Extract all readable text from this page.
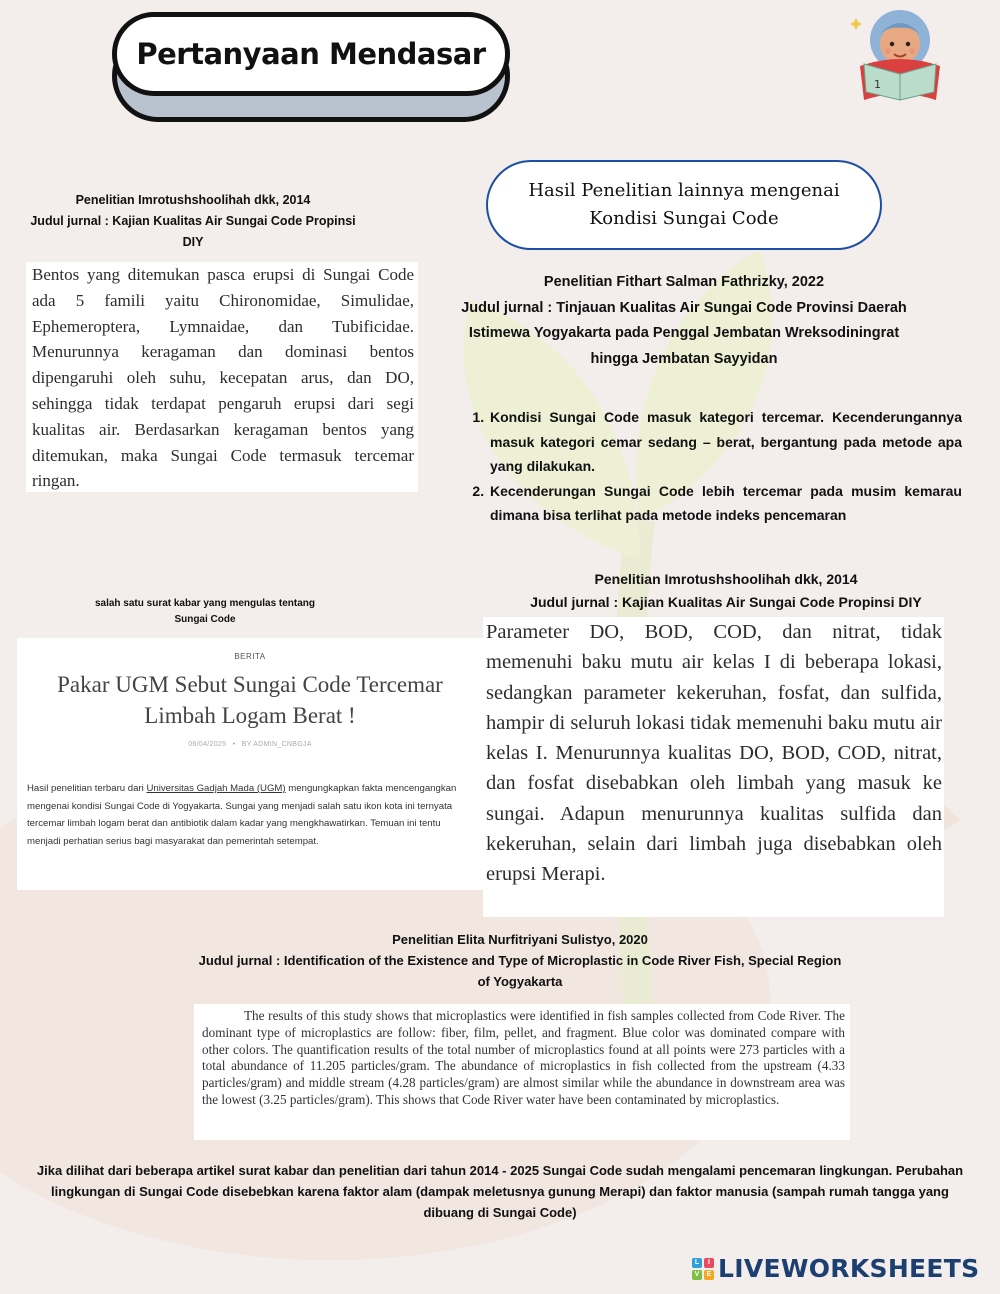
Pertanyaan Mendasar
1
Penelitian Imrotushshoolihah dkk, 2014
Judul jurnal : Kajian Kualitas Air Sungai Code Propinsi
DIY
Bentos yang ditemukan pasca erupsi di Sungai Code ada 5 famili yaitu Chironomidae, Simulidae, Ephemeroptera, Lymnaidae, dan Tubificidae. Menurunnya keragaman dan dominasi bentos dipengaruhi oleh suhu, kecepatan arus, dan DO, sehingga tidak terdapat pengaruh erupsi dari segi kualitas air. Berdasarkan keragaman bentos yang ditemukan, maka Sungai Code termasuk tercemar ringan.
Hasil Penelitian lainnya mengenai
Kondisi Sungai Code
Penelitian Fithart Salman Fathrizky, 2022
Judul jurnal : Tinjauan Kualitas Air Sungai Code Provinsi Daerah
Istimewa Yogyakarta pada Penggal Jembatan Wreksodiningrat
hingga Jembatan Sayyidan
1. Kondisi Sungai Code masuk kategori tercemar. Kecenderungannya masuk kategori cemar sedang – berat, bergantung pada metode apa yang dilakukan.
2. Kecenderungan Sungai Code lebih tercemar pada musim kemarau dimana bisa terlihat pada metode indeks pencemaran
Penelitian Imrotushshoolihah dkk, 2014
Judul jurnal : Kajian Kualitas Air Sungai Code Propinsi DIY
Parameter DO, BOD, COD, dan nitrat, tidak memenuhi baku mutu air kelas I di beberapa lokasi, sedangkan parameter kekeruhan, fosfat, dan sulfida, hampir di seluruh lokasi tidak memenuhi baku mutu air kelas I. Menurunnya kualitas DO, BOD, COD, nitrat, dan fosfat disebabkan oleh limbah yang masuk ke sungai. Adapun menurunnya kualitas sulfida dan kekeruhan, selain dari limbah juga disebabkan oleh erupsi Merapi.
salah satu surat kabar yang mengulas tentang
Sungai Code
BERITA
Pakar UGM Sebut Sungai Code Tercemar
Limbah Logam Berat !
06/04/2025 • BY ADMIN_CNBGJA
Hasil penelitian terbaru dari Universitas Gadjah Mada (UGM) mengungkapkan fakta mencengangkan mengenai kondisi Sungai Code di Yogyakarta. Sungai yang menjadi salah satu ikon kota ini ternyata tercemar limbah logam berat dan antibiotik dalam kadar yang mengkhawatirkan. Temuan ini tentu menjadi perhatian serius bagi masyarakat dan pemerintah setempat.
Penelitian Elita Nurfitriyani Sulistyo, 2020
Judul jurnal : Identification of the Existence and Type of Microplastic in Code River Fish, Special Region
of Yogyakarta
The results of this study shows that microplastics were identified in fish samples collected from Code River. The dominant type of microplastics are follow: fiber, film, pellet, and fragment. Blue color was dominated compare with other colors. The quantification results of the total number of microplastics found at all points were 273 particles with a total abundance of 11.205 particles/gram. The abundance of microplastics in fish collected from the upstream (4.33 particles/gram) and middle stream (4.28 particles/gram) are almost similar while the abundance in downstream area was the lowest (3.25 particles/gram). This shows that Code River water have been contaminated by microplastics.
Jika dilihat dari beberapa artikel surat kabar dan penelitian dari tahun 2014 - 2025 Sungai Code sudah mengalami pencemaran lingkungan. Perubahan lingkungan di Sungai Code disebebkan karena faktor alam (dampak meletusnya gunung Merapi) dan faktor manusia (sampah rumah tangga yang dibuang di Sungai Code)
L	I
V	E LIVEWORKSHEETS
